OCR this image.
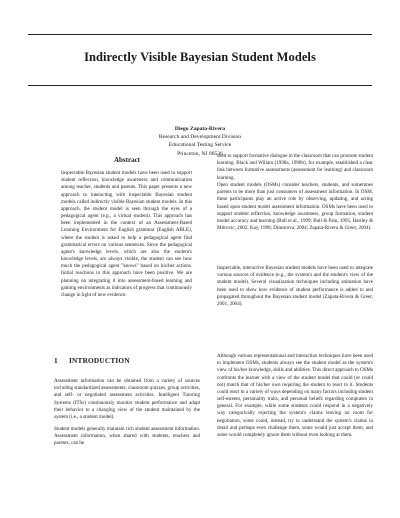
Indirectly Visible Bayesian Student Models
Diego Zapata-Rivera
Research and Development Division
Educational Testing Service
Princeton, NJ 08536
Abstract
Inspectable Bayesian student models have been used to support student reflection, knowledge awareness and communication among teacher, students and parents. This paper presents a new approach to interacting with inspectable Bayesian student models called indirectly visible Bayesian student models. In this approach, the student model is seen through the eyes of a pedagogical agent (e.g., a virtual student). This approach has been implemented in the context of an Assessment-Based Learning Environment for English grammar (English ABLE), where the student is asked to help a pedagogical agent find grammatical errors on various sentences. Since the pedagogical agent's knowledge levels, which are also the student's knowledge levels, are always visible, the student can see how much the pedagogical agent "knows" based on his/her actions. Initial reactions to this approach have been positive. We are planning on integrating it into assessment-based learning and gaming environments as indicators of progress that continuously change in light of new evidence.
1 INTRODUCTION

Assessment information can be obtained from a variety of sources including standardized assessments, classroom quizzes, group activities, and self- or negotiated assessment activities. Intelligent Tutoring Systems (ITSs) continuously monitor student performance and adapt their behavior to a changing view of the student maintained by the system (i.e., a student model).

Student models generally maintain rich student assessment information. Assessment information, when shared with students, teachers and parents, can be

used to support formative dialogue in the classroom that can promote student learning. Black and Wiliam (1998a, 1998b), for example, established a clear link between formative assessments (assessment for learning) and classroom learning.
Open student models (OSMs) consider teachers, students, and sometimes parents to be more than just consumers of assessment information. In OSM, these participants play an active role by observing, updating, and acting based upon student model assessment information. OSMs have been used to support student reflection, knowledge awareness, group formation, student model accuracy and learning (Bull et al., 1999; Bull & Pain, 1995; Hartley & Mitrovic, 2002; Kay, 1998; Dimitrova, 2004; Zapata-Rivera & Greer, 2004).
Inspectable, interactive Bayesian student models have been used to integrate various sources of evidence (e.g., the system's and the student's view of the student model). Several visualization techniques including animation have been used to show how evidence of student performance is added to and propagated throughout the Bayesian student model (Zapata-Rivera & Greer, 2001, 2004).
Although various representational and interaction techniques have been used to implement OSMs, students always see the student model as the system's view of his/her knowledge, skills and abilities. This direct approach to OSMs confronts the learner with a view of the student model that could (or could not) match that of his/her own requiring the student to react to it. Students could react in a variety of ways depending on many factors including student self-esteem, personality traits, and personal beliefs regarding computers in general. For example, while some students could respond in a negatively way categorically rejecting the system's claims leaving no room for negotiation, some could, instead, try to understand the system's claims in detail and perhaps even challenge them, some would just accept them, and some would completely ignore them without even looking at them.
